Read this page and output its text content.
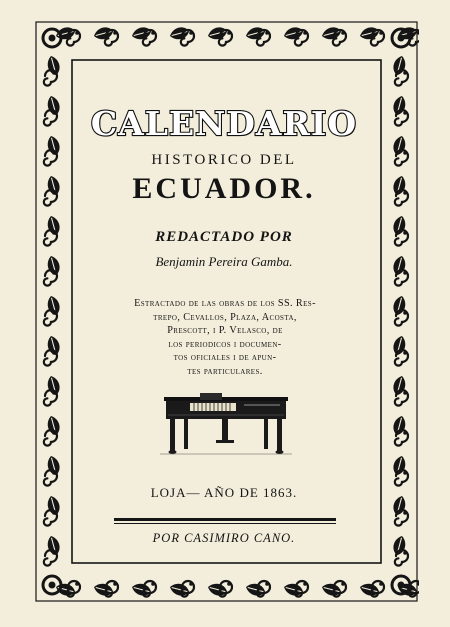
CALENDARIO
HISTORICO DEL
ECUADOR.
REDACTADO POR
Benjamin Pereira Gamba.
Estractado de las obras de los SS. Res-
trepo, Cevallos, Plaza, Acosta,
Prescott, i P. Velasco, de
los periodicos i documen-
tos oficiales i de apun-
tes particulares.
LOJA— AÑO DE 1863.
POR CASIMIRO CANO.
